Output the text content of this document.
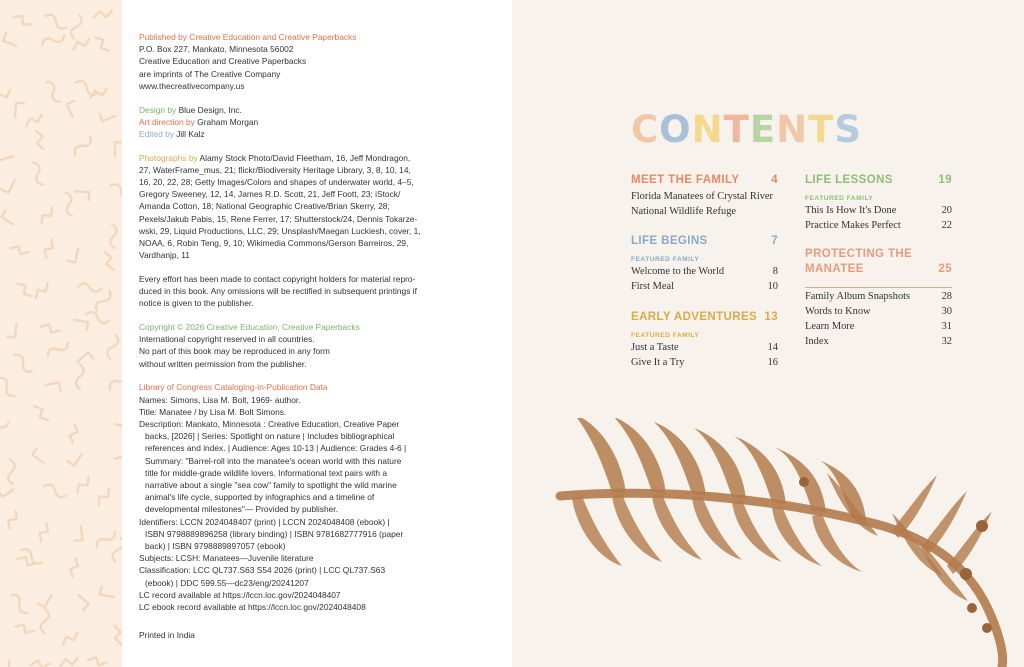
Published by Creative Education and Creative Paperbacks

P.O. Box 227, Mankato, Minnesota 56002

Creative Education and Creative Paperbacks

are imprints of The Creative Company

www.thecreativecompany.us

Design by Blue Design, Inc.

Art direction by Graham Morgan

Edited by Jill Kalz

Photographs by Alamy Stock Photo/David Fleetham, 16, Jeff Mondragon,

27, WaterFrame_mus, 21; flickr/Biodiversity Heritage Library, 3, 8, 10, 14,

16, 20, 22, 28; Getty Images/Colors and shapes of underwater world, 4–5,

Gregory Sweeney, 12, 14, James R.D. Scott, 21, Jeff Foott, 23; iStock/

Amanda Cotton, 18; National Geographic Creative/Brian Skerry, 28;

Pexels/Jakub Pabis, 15, Rene Ferrer, 17; Shutterstock/24, Dennis Tokarze-

wski, 29, Liquid Productions, LLC, 29; Unsplash/Maegan Luckiesh, cover, 1,

NOAA, 6, Robin Teng, 9, 10; Wikimedia Commons/Gerson Barreiros, 29,

Vardhanjp, 11

Every effort has been made to contact copyright holders for material repro-

duced in this book. Any omissions will be rectified in subsequent printings if

notice is given to the publisher.

Copyright © 2026 Creative Education, Creative Paperbacks

International copyright reserved in all countries.

No part of this book may be reproduced in any form

without written permission from the publisher.

Library of Congress Cataloging-in-Publication Data

Names: Simons, Lisa M. Bolt, 1969- author.

Title: Manatee / by Lisa M. Bolt Simons.

Description: Mankato, Minnesota : Creative Education, Creative Paper

backs, [2026] | Series: Spotlight on nature | Includes bibliographical

references and index. | Audience: Ages 10-13 | Audience: Grades 4-6 |

Summary: "Barrel-roll into the manatee's ocean world with this nature

title for middle-grade wildlife lovers. Informational text pairs with a

narrative about a single "sea cow" family to spotlight the wild marine

animal's life cycle, supported by infographics and a timeline of

developmental milestones"— Provided by publisher.

Identifiers: LCCN 2024048407 (print) | LCCN 2024048408 (ebook) |

ISBN 9798889896258 (library binding) | ISBN 9781682777916 (paper

back) | ISBN 9798889897057 (ebook)

Subjects: LCSH: Manatees—Juvenile literature

Classification: LCC QL737.S63 S54 2026 (print) | LCC QL737.S63

(ebook) | DDC 599.55—dc23/eng/20241207

LC record available at https://lccn.loc.gov/2024048407

LC ebook record available at https://lccn.loc.gov/2024048408

Printed in India

CONTENTS
MEET THE FAMILY	4
Florida Manatees of Crystal River
National Wildlife Refuge
LIFE BEGINS	7
FEATURED FAMILY
Welcome to the World	8
First Meal	10
EARLY ADVENTURES 13
FEATURED FAMILY
Just a Taste	14
Give It a Try	16
LIFE LESSONS	19
FEATURED FAMILY
This Is How It's Done	20
Practice Makes Perfect	22
PROTECTING THE MANATEE	25
Family Album Snapshots	28
Words to Know	30
Learn More	31
Index	32
